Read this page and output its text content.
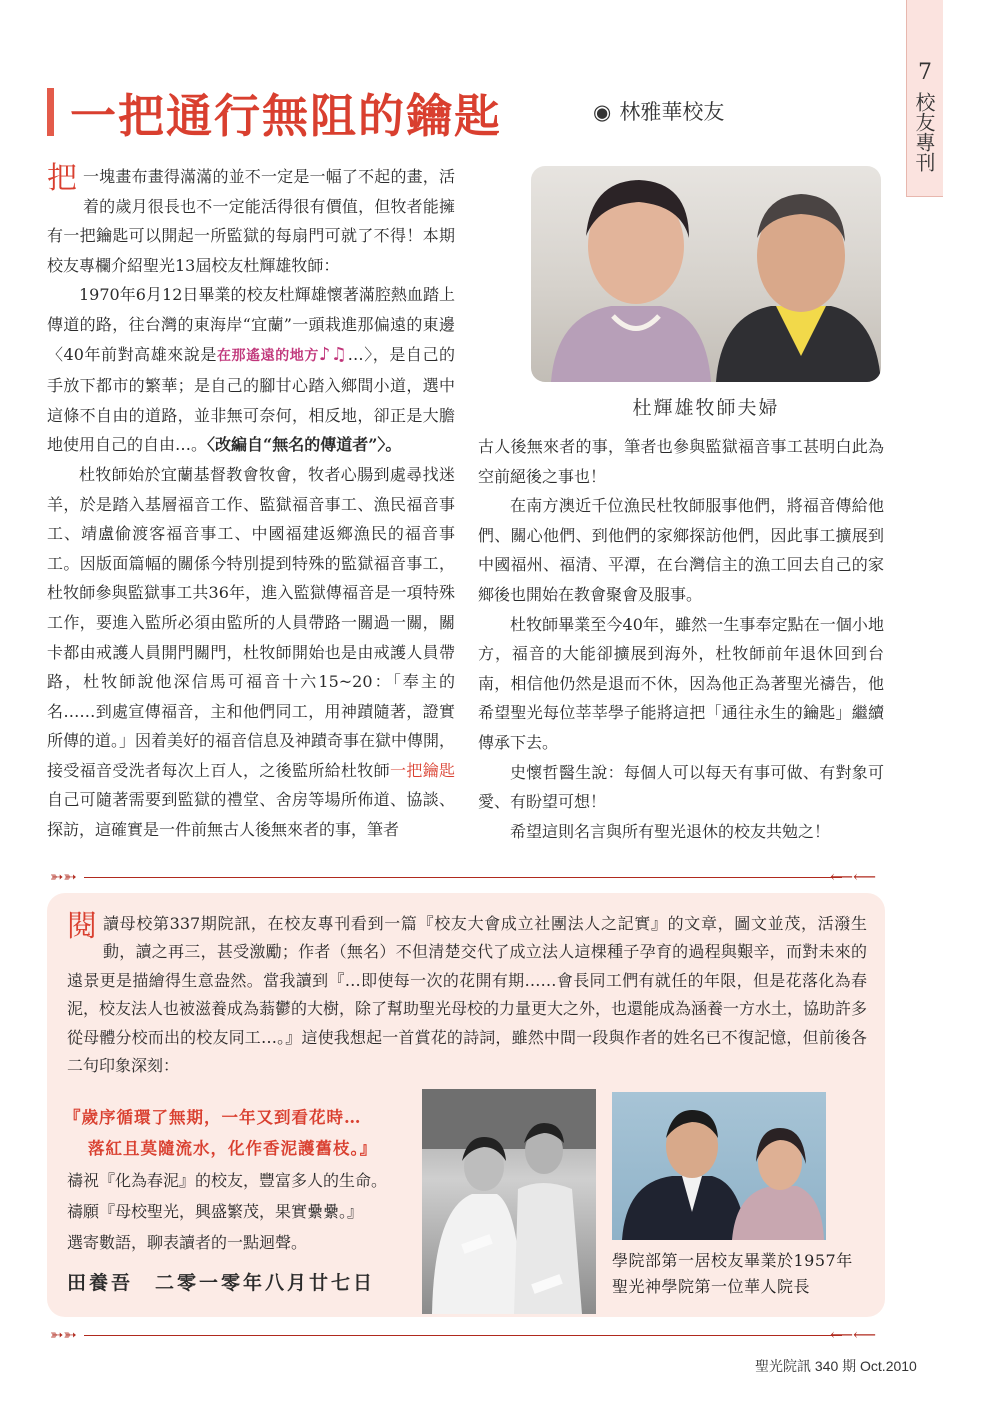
7
校友專刊
一把通行無阻的鑰匙	◉ 林雅華校友

把一塊畫布畫得滿滿的並不一定是一幅了不起的畫，活着的歲月很長也不一定能活得很有價值，但牧者能擁有一把鑰匙可以開起一所監獄的每扇門可就了不得！本期校友專欄介紹聖光13屆校友杜輝雄牧師：

1970年6月12日畢業的校友杜輝雄懷著滿腔熱血踏上傳道的路，往台灣的東海岸“宜蘭”一頭栽進那偏遠的東邊〈40年前對高雄來說是在那遙遠的地方♪♫…〉，是自己的手放下都市的繁華；是自己的腳甘心踏入鄉間小道，選中這條不自由的道路，並非無可奈何，相反地，卻正是大膽地使用自己的自由…。〈改編自“無名的傳道者”〉。

杜牧師始於宜蘭基督教會牧會，牧者心腸到處尋找迷羊，於是踏入基層福音工作、監獄福音事工、漁民福音事工、靖盧偷渡客福音事工、中國福建返鄉漁民的福音事工。因版面篇幅的關係今特別提到特殊的監獄福音事工，杜牧師參與監獄事工共36年，進入監獄傳福音是一項特殊工作，要進入監所必須由監所的人員帶路一關過一關，關卡都由戒護人員開門關門，杜牧師開始也是由戒護人員帶路，杜牧師說他深信馬可福音十六15~20：「奉主的名……到處宣傳福音，主和他們同工，用神蹟隨著，證實所傳的道。」因着美好的福音信息及神蹟奇事在獄中傳開，接受福音受洗者每次上百人，之後監所給杜牧師一把鑰匙自己可隨著需要到監獄的禮堂、舍房等場所佈道、協談、探訪，這確實是一件前無古人後無來者的事，筆者

杜輝雄牧師夫婦

古人後無來者的事，筆者也參與監獄福音事工甚明白此為空前絕後之事也！

在南方澳近千位漁民杜牧師服事他們，將福音傳給他們、關心他們、到他們的家鄉探訪他們，因此事工擴展到中國福州、福清、平潭，在台灣信主的漁工回去自己的家鄉後也開始在教會聚會及服事。

杜牧師畢業至今40年，雖然一生事奉定點在一個小地方，福音的大能卻擴展到海外，杜牧師前年退休回到台南，相信他仍然是退而不休，因為他正為著聖光禱告，他希望聖光每位莘莘學子能將這把「通往永生的鑰匙」繼續傳承下去。

史懷哲醫生說：每個人可以每天有事可做、有對象可愛、有盼望可想！

希望這則名言與所有聖光退休的校友共勉之！

➳➳	⟵⟵
閱讀母校第337期院訊，在校友專刊看到一篇『校友大會成立社團法人之記實』的文章，圖文並茂，活潑生動，讀之再三，甚受激勵；作者（無名）不但清楚交代了成立法人這棵種子孕育的過程與艱辛，而對未來的遠景更是描繪得生意盎然。當我讀到『…即使每一次的花開有期……會長同工們有就任的年限，但是花落化為春泥，校友法人也被滋養成為蓊鬱的大樹，除了幫助聖光母校的力量更大之外，也還能成為涵養一方水土，協助許多從母體分校而出的校友同工…。』這使我想起一首賞花的詩詞，雖然中間一段與作者的姓名已不復記憶，但前後各二句印象深刻：
『歲序循環了無期，一年又到看花時…
落紅且莫隨流水，化作香泥護舊枝。』
禱祝『化為春泥』的校友，豐富多人的生命。
禱願『母校聖光，興盛繁茂，果實纍纍。』
選寄數語，聊表讀者的一點迴聲。
田養吾　二零一零年八月廿七日
學院部第一居校友畢業於1957年
聖光神學院第一位華人院長
➳➳	⟵⟵
聖光院訊 340 期 Oct.2010
